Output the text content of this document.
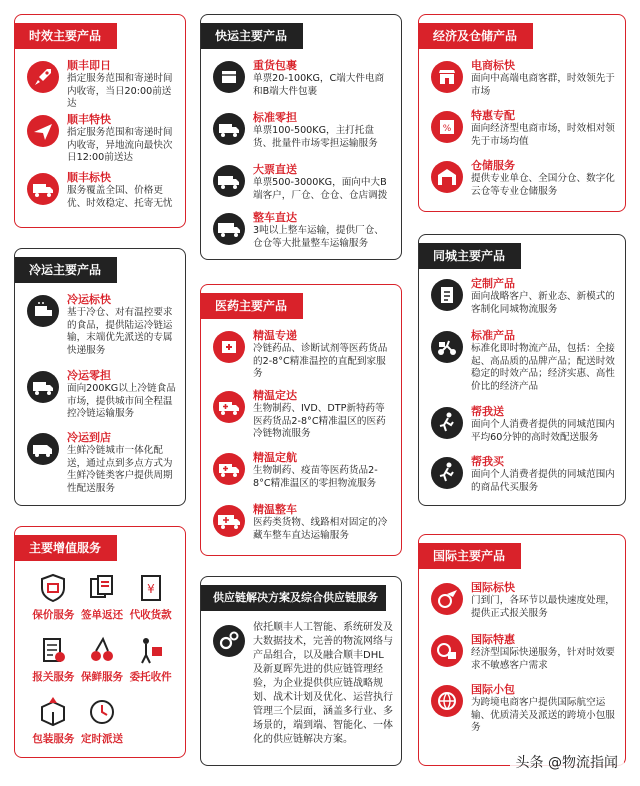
时效主要产品
顺丰即日
指定服务范围和寄递时间内收寄，当日20:00前送达
顺丰特快
指定服务范围和寄递时间内收寄，异地流向最快次日12:00前送达
顺丰标快
服务覆盖全国、价格更优、时效稳定、托寄无忧
冷运主要产品
冷运标快
基于冷仓、对有温控要求的食品，提供陆运冷链运输，末端优先派送的专属快递服务
冷运零担
面向200KG以上冷链食品市场，提供城市间全程温控冷链运输服务
冷运到店
生鲜冷链城市一体化配送，通过点到多点方式为生鲜冷链类客户提供周期性配送服务
主要增值服务
保价服务 签单返还
¥
代收货款
报关服务 保鲜服务 委托收件
包装服务 定时派送
快运主要产品
重货包裹
单票20-100KG，C端大件电商和B端大件包裹
标准零担
单票100-500KG，主打托盘货、批量件市场零担运输服务
大票直送
单票500-3000KG，面向中大B端客户，厂仓、仓仓、仓店调拨
整车直达
3吨以上整车运输，提供厂仓、仓仓等大批量整车运输服务
医药主要产品
精温专递
冷链药品、诊断试剂等医药货品的2-8°C精准温控的直配到家服务
精温定达
生物制药、IVD、DTP新特药等医药货品2-8°C精准温区的医药冷链物流服务
精温定航
生物制药、疫苗等医药货品2-8°C精准温区的零担物流服务
精温整车
医药类货物、线路相对固定的冷藏车整车直达运输服务
供应链解决方案及综合供应链服务
依托顺丰人工智能、系统研发及大数据技术，完善的物流网络与产品组合，以及融合顺丰DHL及新夏晖先进的供应链管理经验，为企业提供供应链战略规划、战术计划及优化、运营执行管理三个层面，涵盖多行业、多场景的，端到端、智能化、一体化的供应链解决方案。
经济及仓储产品
电商标快
面向中高端电商客群，时效领先于市场
%
特惠专配
面向经济型电商市场，时效相对领先于市场均值
仓储服务
提供专业单仓、全国分仓、数字化云仓等专业仓储服务
同城主要产品
定制产品
面向战略客户、新业态、新模式的客制化同城物流服务
标准产品
标准化即时物流产品，包括：全接起、高品质的品牌产品；配送时效稳定的时效产品；经济实惠、高性价比的经济产品
帮我送
面向个人消费者提供的同城范围内平均60分钟的高时效配送服务
帮我买
面向个人消费者提供的同城范围内的商品代买服务
国际主要产品
国际标快
门到门，各环节以最快速度处理，提供正式报关服务
国际特惠
经济型国际快递服务，针对时效要求不敏感客户需求
国际小包
为跨境电商客户提供国际航空运输、优质清关及派送的跨境小包服务
头条 @物流指闻
